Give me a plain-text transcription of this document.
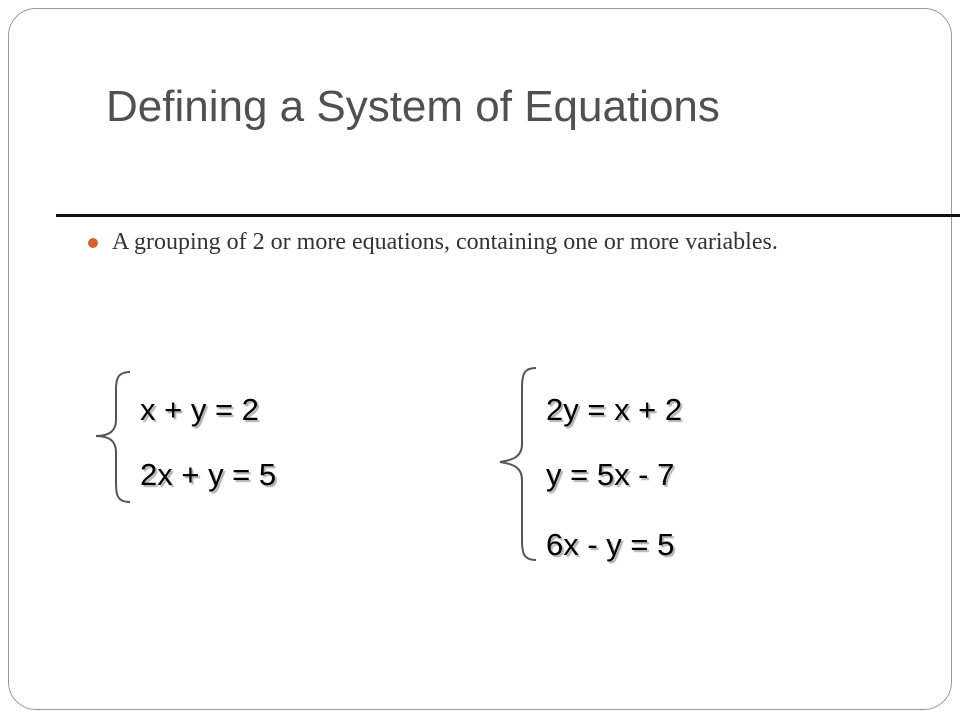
Defining a System of Equations
A grouping of 2 or more equations, containing one or more variables.
x + y = 2
2x + y = 5
2y = x + 2
y = 5x - 7
6x - y = 5
